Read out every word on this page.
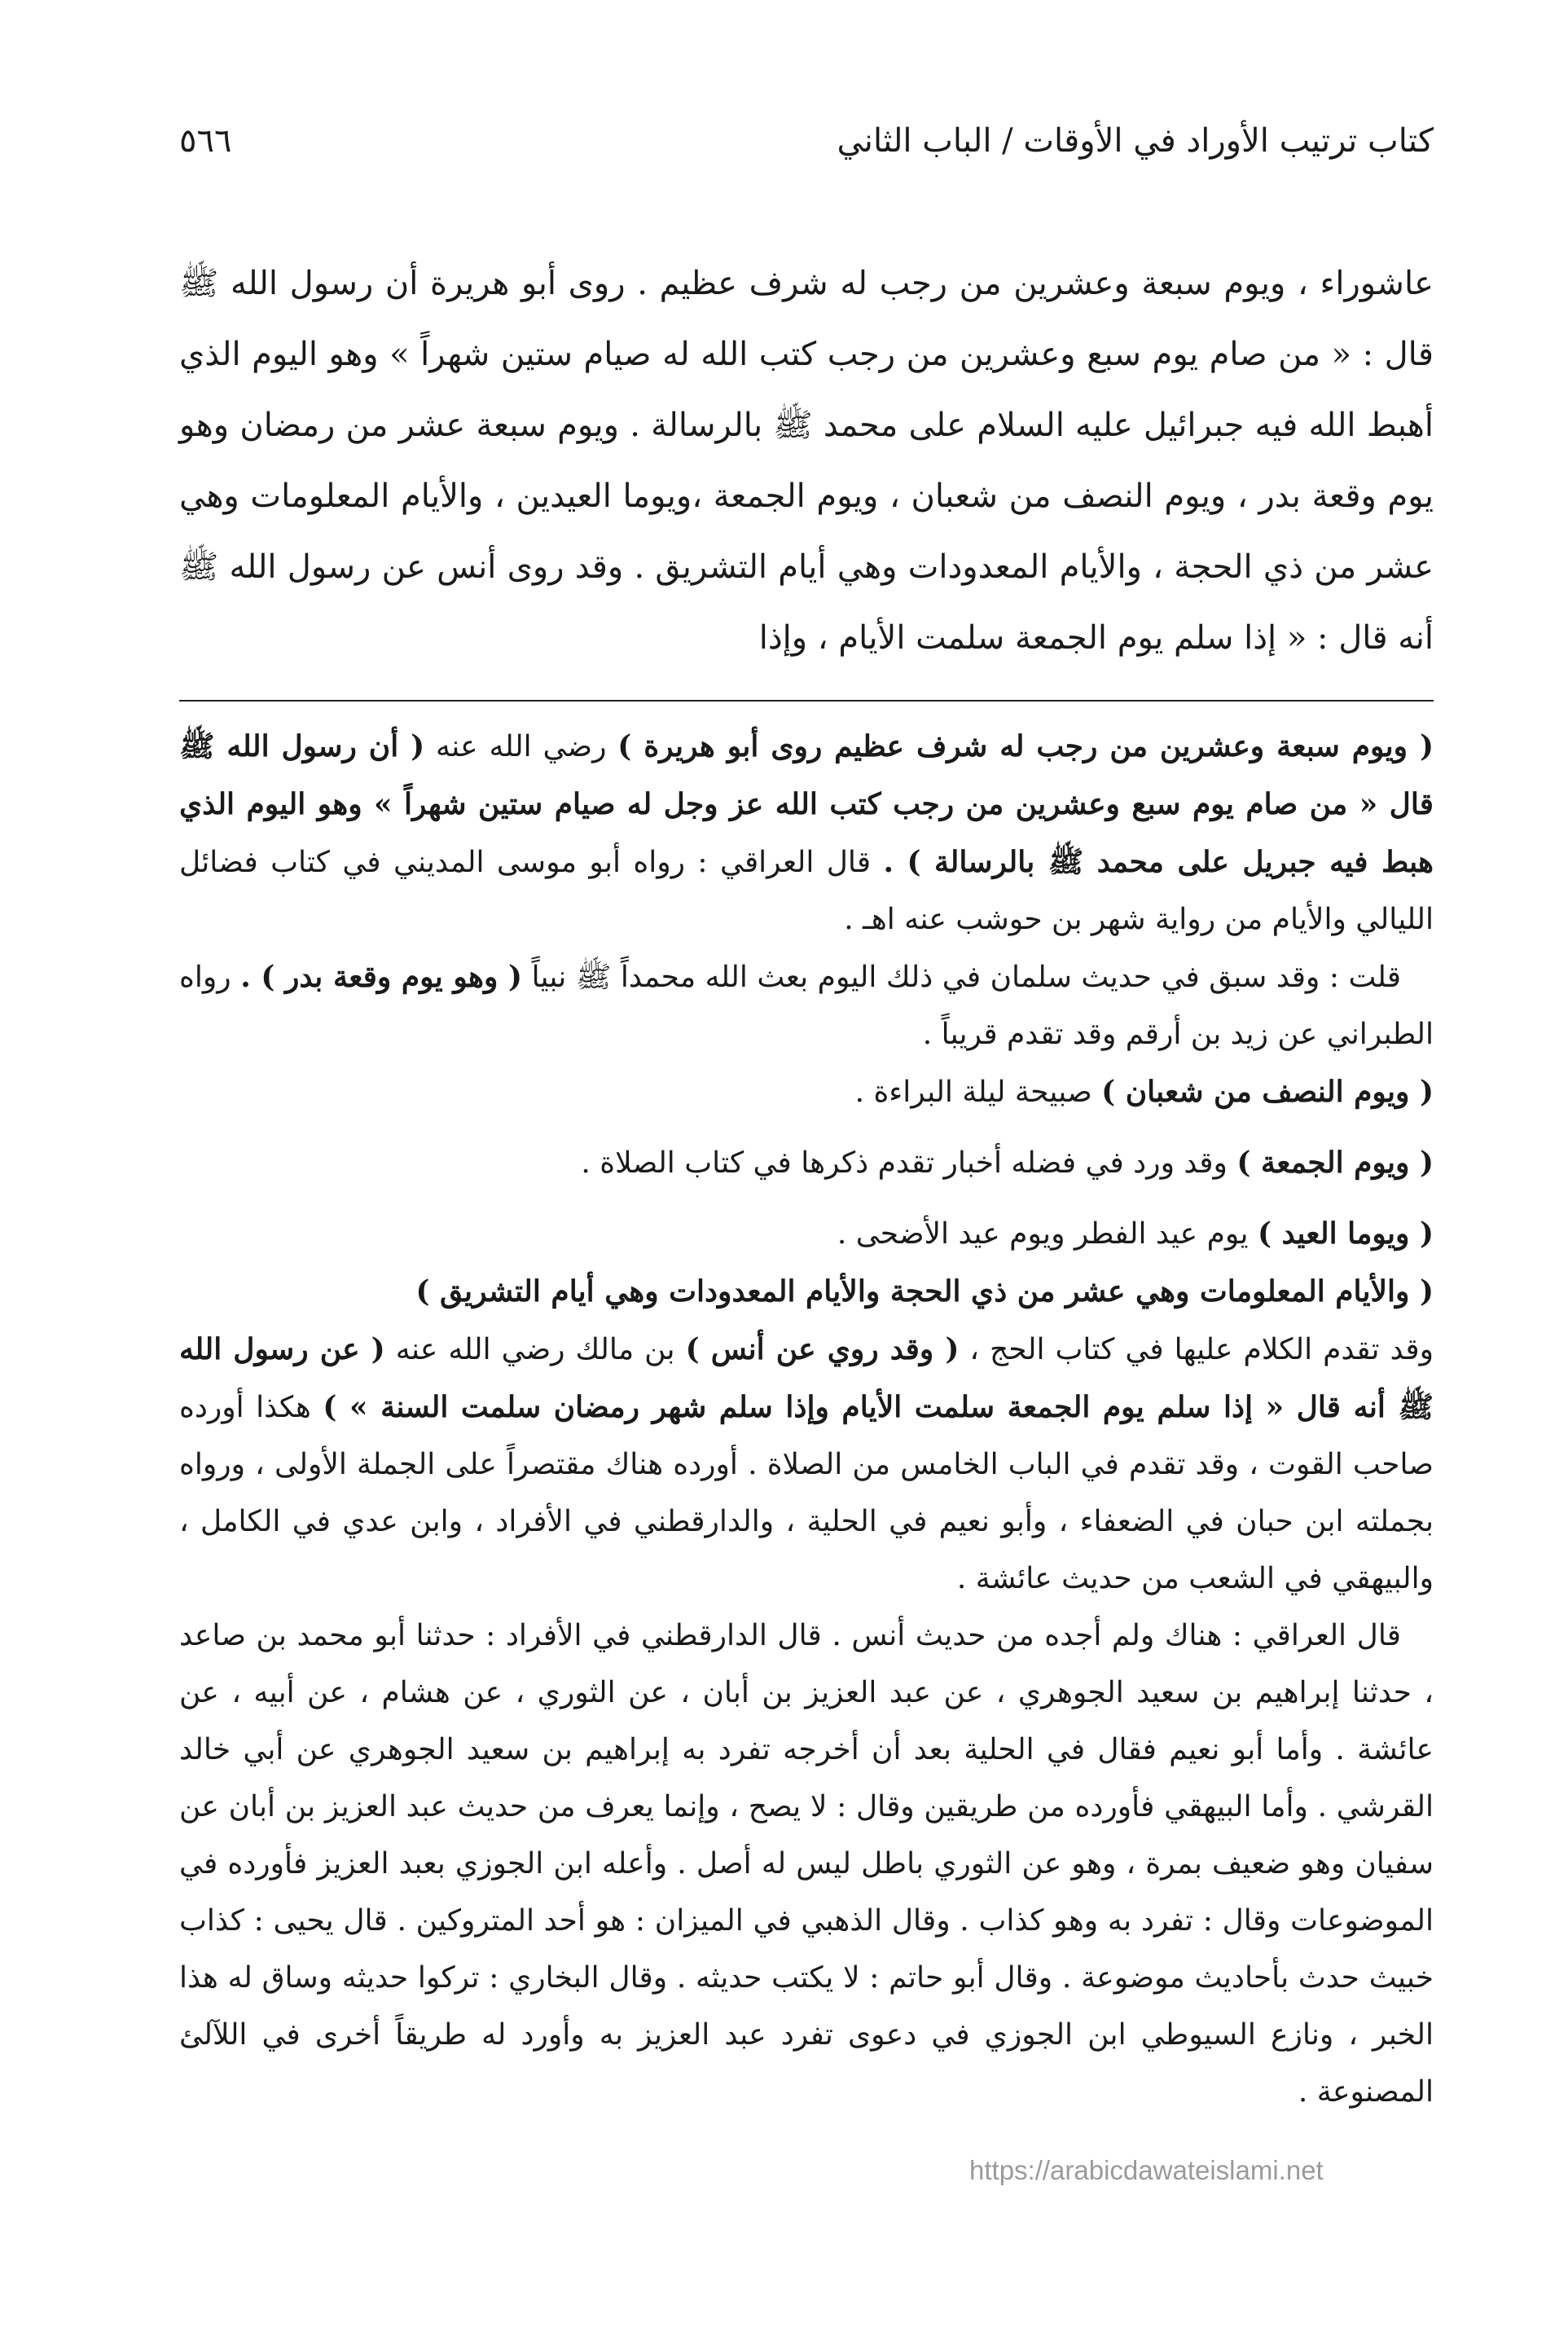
كتاب ترتيب الأوراد في الأوقات / الباب الثاني
٥٦٦

عاشوراء ، ويوم سبعة وعشرين من رجب له شرف عظيم . روى أبو هريرة أن رسول الله ﷺ قال : « من صام يوم سبع وعشرين من رجب كتب الله له صيام ستين شهراً » وهو اليوم الذي أهبط الله فيه جبرائيل عليه السلام على محمد ﷺ بالرسالة . ويوم سبعة عشر من رمضان وهو يوم وقعة بدر ، ويوم النصف من شعبان ، ويوم الجمعة ،ويوما العيدين ، والأيام المعلومات وهي عشر من ذي الحجة ، والأيام المعدودات وهي أيام التشريق . وقد روى أنس عن رسول الله ﷺ أنه قال : « إذا سلم يوم الجمعة سلمت الأيام ، وإذا

( ويوم سبعة وعشرين من رجب له شرف عظيم روى أبو هريرة ) رضي الله عنه ( أن رسول الله ﷺ قال « من صام يوم سبع وعشرين من رجب كتب الله عز وجل له صيام ستين شهراً » وهو اليوم الذي هبط فيه جبريل على محمد ﷺ بالرسالة ) . قال العراقي : رواه أبو موسى المديني في كتاب فضائل الليالي والأيام من رواية شهر بن حوشب عنه اهـ .

قلت : وقد سبق في حديث سلمان في ذلك اليوم بعث الله محمداً ﷺ نبياً ( وهو يوم وقعة بدر ) . رواه الطبراني عن زيد بن أرقم وقد تقدم قريباً .

( ويوم النصف من شعبان ) صبيحة ليلة البراءة .

( ويوم الجمعة ) وقد ورد في فضله أخبار تقدم ذكرها في كتاب الصلاة .

( ويوما العيد ) يوم عيد الفطر ويوم عيد الأضحى .

( والأيام المعلومات وهي عشر من ذي الحجة والأيام المعدودات وهي أيام التشريق )

وقد تقدم الكلام عليها في كتاب الحج ، ( وقد روي عن أنس ) بن مالك رضي الله عنه ( عن رسول الله ﷺ أنه قال « إذا سلم يوم الجمعة سلمت الأيام وإذا سلم شهر رمضان سلمت السنة » ) هكذا أورده صاحب القوت ، وقد تقدم في الباب الخامس من الصلاة . أورده هناك مقتصراً على الجملة الأولى ، ورواه بجملته ابن حبان في الضعفاء ، وأبو نعيم في الحلية ، والدارقطني في الأفراد ، وابن عدي في الكامل ، والبيهقي في الشعب من حديث عائشة .

قال العراقي : هناك ولم أجده من حديث أنس . قال الدارقطني في الأفراد : حدثنا أبو محمد بن صاعد ، حدثنا إبراهيم بن سعيد الجوهري ، عن عبد العزيز بن أبان ، عن الثوري ، عن هشام ، عن أبيه ، عن عائشة . وأما أبو نعيم فقال في الحلية بعد أن أخرجه تفرد به إبراهيم بن سعيد الجوهري عن أبي خالد القرشي . وأما البيهقي فأورده من طريقين وقال : لا يصح ، وإنما يعرف من حديث عبد العزيز بن أبان عن سفيان وهو ضعيف بمرة ، وهو عن الثوري باطل ليس له أصل . وأعله ابن الجوزي بعبد العزيز فأورده في الموضوعات وقال : تفرد به وهو كذاب . وقال الذهبي في الميزان : هو أحد المتروكين . قال يحيى : كذاب خبيث حدث بأحاديث موضوعة . وقال أبو حاتم : لا يكتب حديثه . وقال البخاري : تركوا حديثه وساق له هذا الخبر ، ونازع السيوطي ابن الجوزي في دعوى تفرد عبد العزيز به وأورد له طريقاً أخرى في اللآلئ المصنوعة .

https://arabicdawateislami.net
